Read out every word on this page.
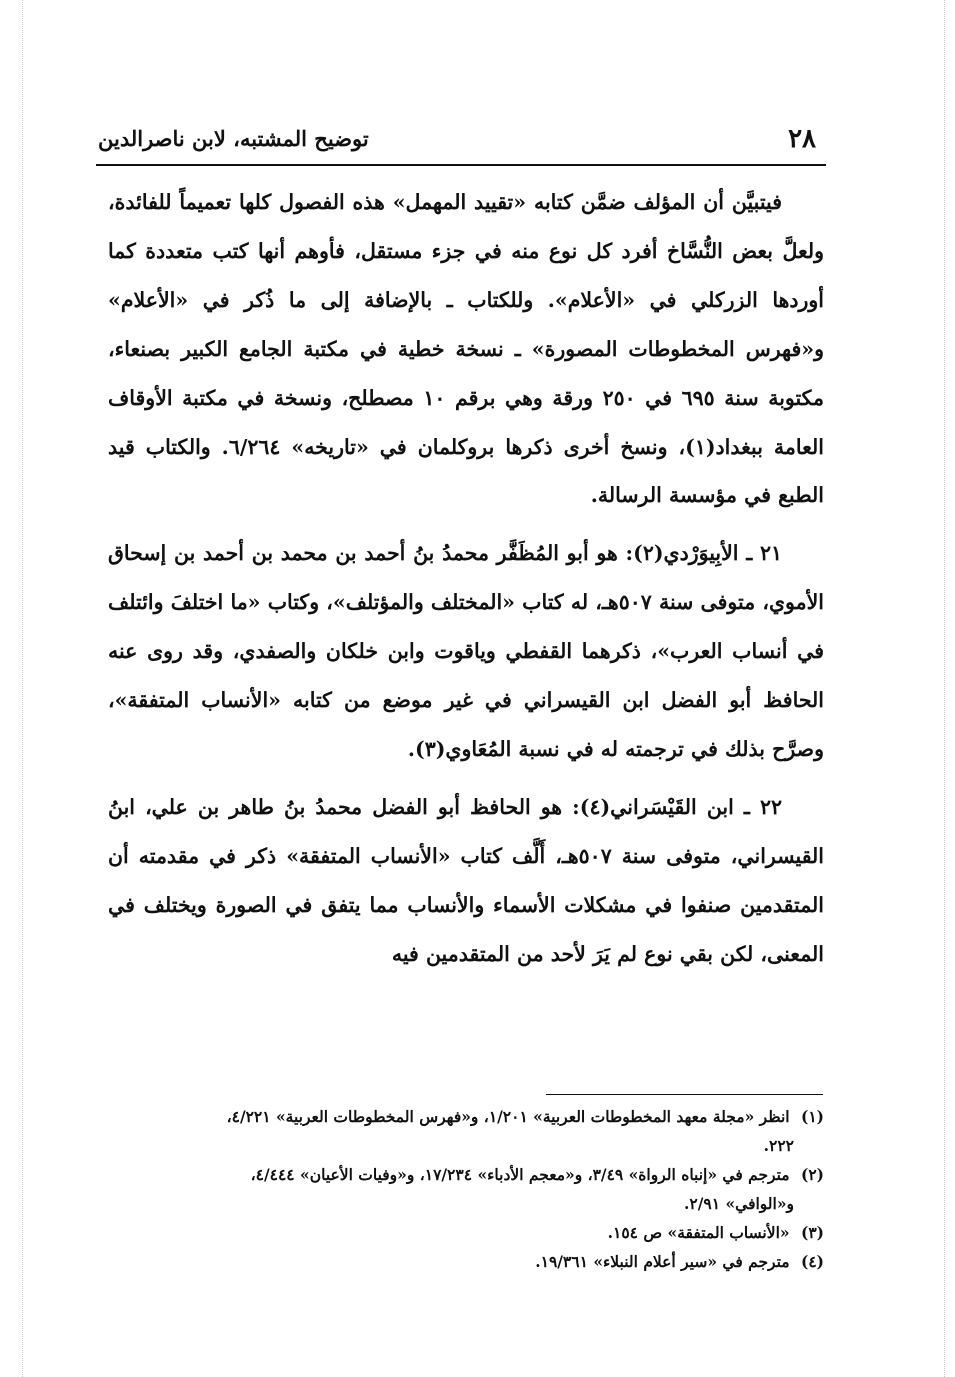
٢٨
توضيح المشتبه، لابن ناصرالدين

فيتبيَّن أن المؤلف ضمَّن كتابه «تقييد المهمل» هذه الفصول كلها تعميماً للفائدة، ولعلَّ بعض النُّسَّاخ أفرد كل نوع منه في جزء مستقل، فأوهم أنها كتب متعددة كما أوردها الزركلي في «الأعلام». وللكتاب ـ بالإضافة إلى ما ذُكر في «الأعلام» و«فهرس المخطوطات المصورة» ـ نسخة خطية في مكتبة الجامع الكبير بصنعاء، مكتوبة سنة ٦٩٥ في ٢٥٠ ورقة وهي برقم ١٠ مصطلح، ونسخة في مكتبة الأوقاف العامة ببغداد(١)، ونسخ أخرى ذكرها بروكلمان في «تاريخه» ٦/٢٦٤. والكتاب قيد الطبع في مؤسسة الرسالة.

٢١ ـ الأبِيوَرْدي(٢): هو أبو المُظَفَّر محمدُ بنُ أحمد بن محمد بن أحمد بن إسحاق الأموي، متوفى سنة ٥٠٧هـ، له كتاب «المختلف والمؤتلف»، وكتاب «ما اختلفَ وائتلف في أنساب العرب»، ذكرهما القفطي وياقوت وابن خلكان والصفدي، وقد روى عنه الحافظ أبو الفضل ابن القيسراني في غير موضع من كتابه «الأنساب المتفقة»، وصرَّح بذلك في ترجمته له في نسبة المُعَاوي(٣).

٢٢ ـ ابن القَيْسَراني(٤): هو الحافظ أبو الفضل محمدُ بنُ طاهر بن علي، ابنُ القيسراني، متوفى سنة ٥٠٧هـ، أَلَّف كتاب «الأنساب المتفقة» ذكر في مقدمته أن المتقدمين صنفوا في مشكلات الأسماء والأنساب مما يتفق في الصورة ويختلف في المعنى، لكن بقي نوع لم يَرَ لأحد من المتقدمين فيه

(١) انظر «مجلة معهد المخطوطات العربية» ١/٢٠١، و«فهرس المخطوطات العربية» ٤/٢٢١،
٢٢٢.

(٢) مترجم في «إنباه الرواة» ٣/٤٩، و«معجم الأدباء» ١٧/٢٣٤، و«وفيات الأعيان» ٤/٤٤٤،
و«الوافي» ٢/٩١.

(٣) «الأنساب المتفقة» ص ١٥٤.

(٤) مترجم في «سير أعلام النبلاء» ١٩/٣٦١.
